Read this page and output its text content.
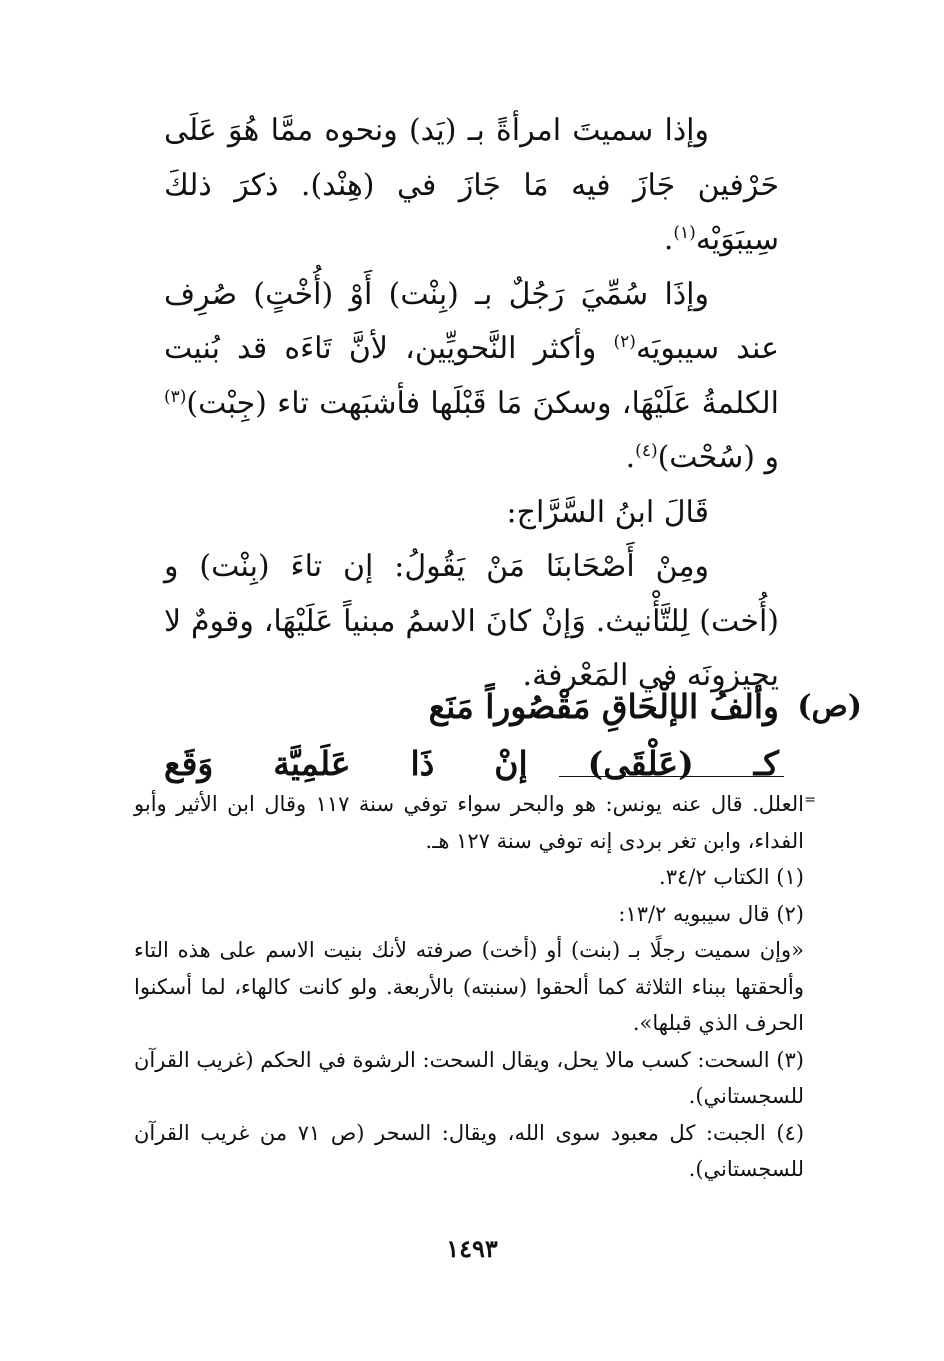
وإذا سميتَ امرأةً بـ (يَد) ونحوه ممَّا هُوَ عَلَى حَرْفين جَازَ فيه مَا جَازَ في (هِنْد). ذكرَ ذلكَ سِيبَوَيْه$^{(١)}$.

وإذَا سُمِّيَ رَجُلٌ بـ (بِنْت) أَوْ (أُخْتٍ) صُرِف عند سيبويَه$^{(٢)}$ وأكثر النَّحويِّين، لأنَّ تَاءَه قد بُنيت الكلمةُ عَلَيْهَا، وسكنَ مَا قَبْلَها فأشبَهت تاء (جِبْت)$^{(٣)}$ و (سُحْت)$^{(٤)}$.

قَالَ ابنُ السَّرَّاج:

ومِنْ أَصْحَابنَا مَنْ يَقُولُ: إن تاءَ (بِنْت) و (أُخت) لِلتَّأْنيث. وَإنْ كانَ الاسمُ مبنياً عَلَيْهَا، وقومٌ لا يجيزونَه في المَعْرفة.

(ص)
وألفُ الإلْحَاقِ مَقْصُوراً مَنَع
كـ (عَلْقَى) إنْ ذَا عَلَمِيَّة وَقَع
=

العلل. قال عنه يونس: هو والبحر سواء توفي سنة ١١٧ وقال ابن الأثير وأبو الفداء، وابن تغر بردى إنه توفي سنة ١٢٧ هـ.

(١) الكتاب ٣٤/٢.

(٢) قال سيبويه ١٣/٢:

«وإن سميت رجلًا بـ (بنت) أو (أخت) صرفته لأنك بنيت الاسم على هذه التاء وألحقتها ببناء الثلاثة كما ألحقوا (سنبته) بالأربعة. ولو كانت كالهاء، لما أسكنوا الحرف الذي قبلها».

(٣) السحت: كسب مالا يحل، ويقال السحت: الرشوة في الحكم (غريب القرآن للسجستاني).

(٤) الجبت: كل معبود سوى الله، ويقال: السحر (ص ٧١ من غريب القرآن للسجستاني).

١٤٩٣
